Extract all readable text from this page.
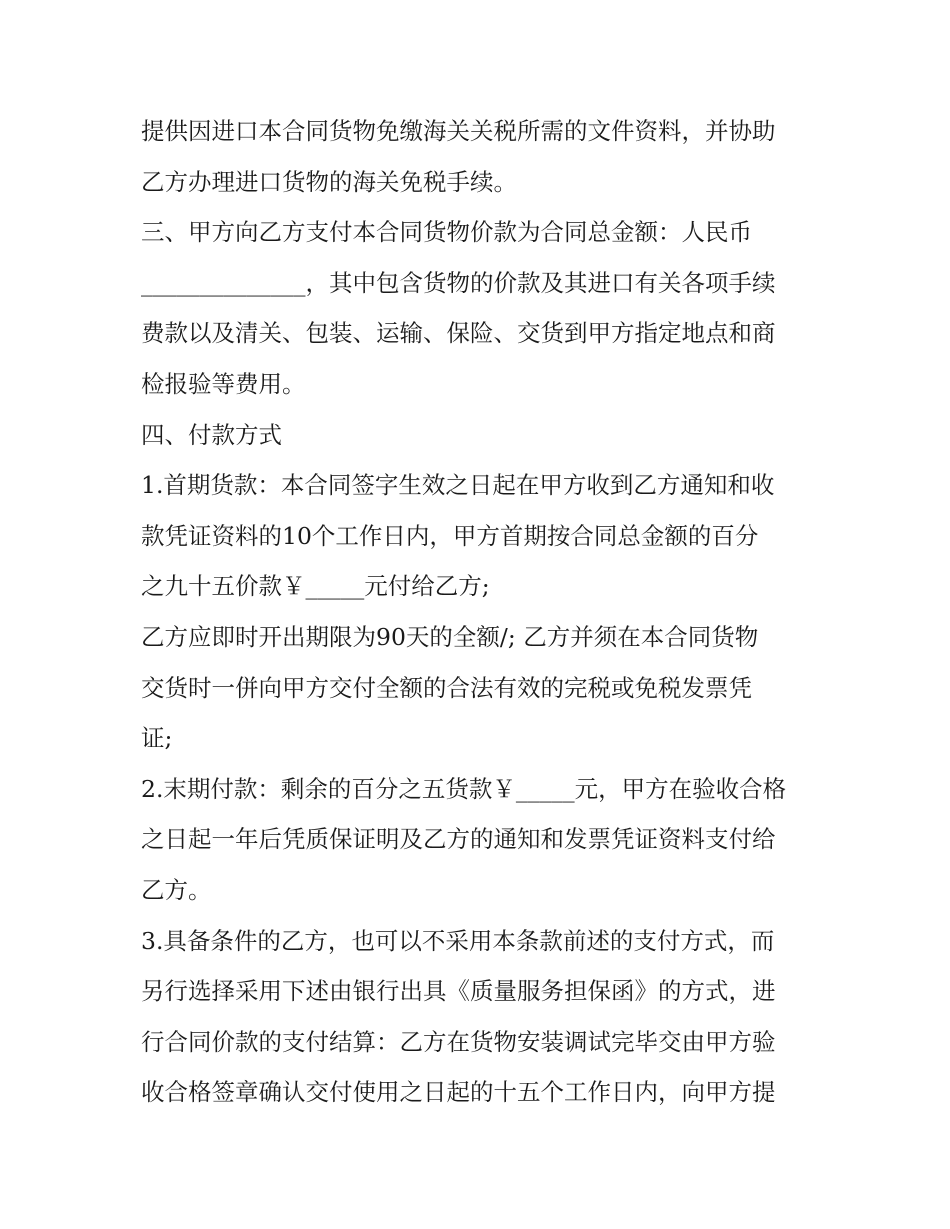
提供因进口本合同货物免缴海关关税所需的文件资料，并协助
乙方办理进口货物的海关免税手续。
三、甲方向乙方支付本合同货物价款为合同总金额：人民币
______________，其中包含货物的价款及其进口有关各项手续
费款以及清关、包装、运输、保险、交货到甲方指定地点和商
检报验等费用。
四、付款方式
1.首期货款：本合同签字生效之日起在甲方收到乙方通知和收
款凭证资料的10个工作日内，甲方首期按合同总金额的百分
之九十五价款￥_____元付给乙方;
乙方应即时开出期限为90天的全额/; 乙方并须在本合同货物
交货时一併向甲方交付全额的合法有效的完税或免税发票凭
证;
2.末期付款：剩余的百分之五货款￥_____元，甲方在验收合格
之日起一年后凭质保证明及乙方的通知和发票凭证资料支付给
乙方。
3.具备条件的乙方，也可以不采用本条款前述的支付方式，而
另行选择采用下述由银行出具《质量服务担保函》的方式，进
行合同价款的支付结算：乙方在货物安装调试完毕交由甲方验
收合格签章确认交付使用之日起的十五个工作日内，向甲方提
